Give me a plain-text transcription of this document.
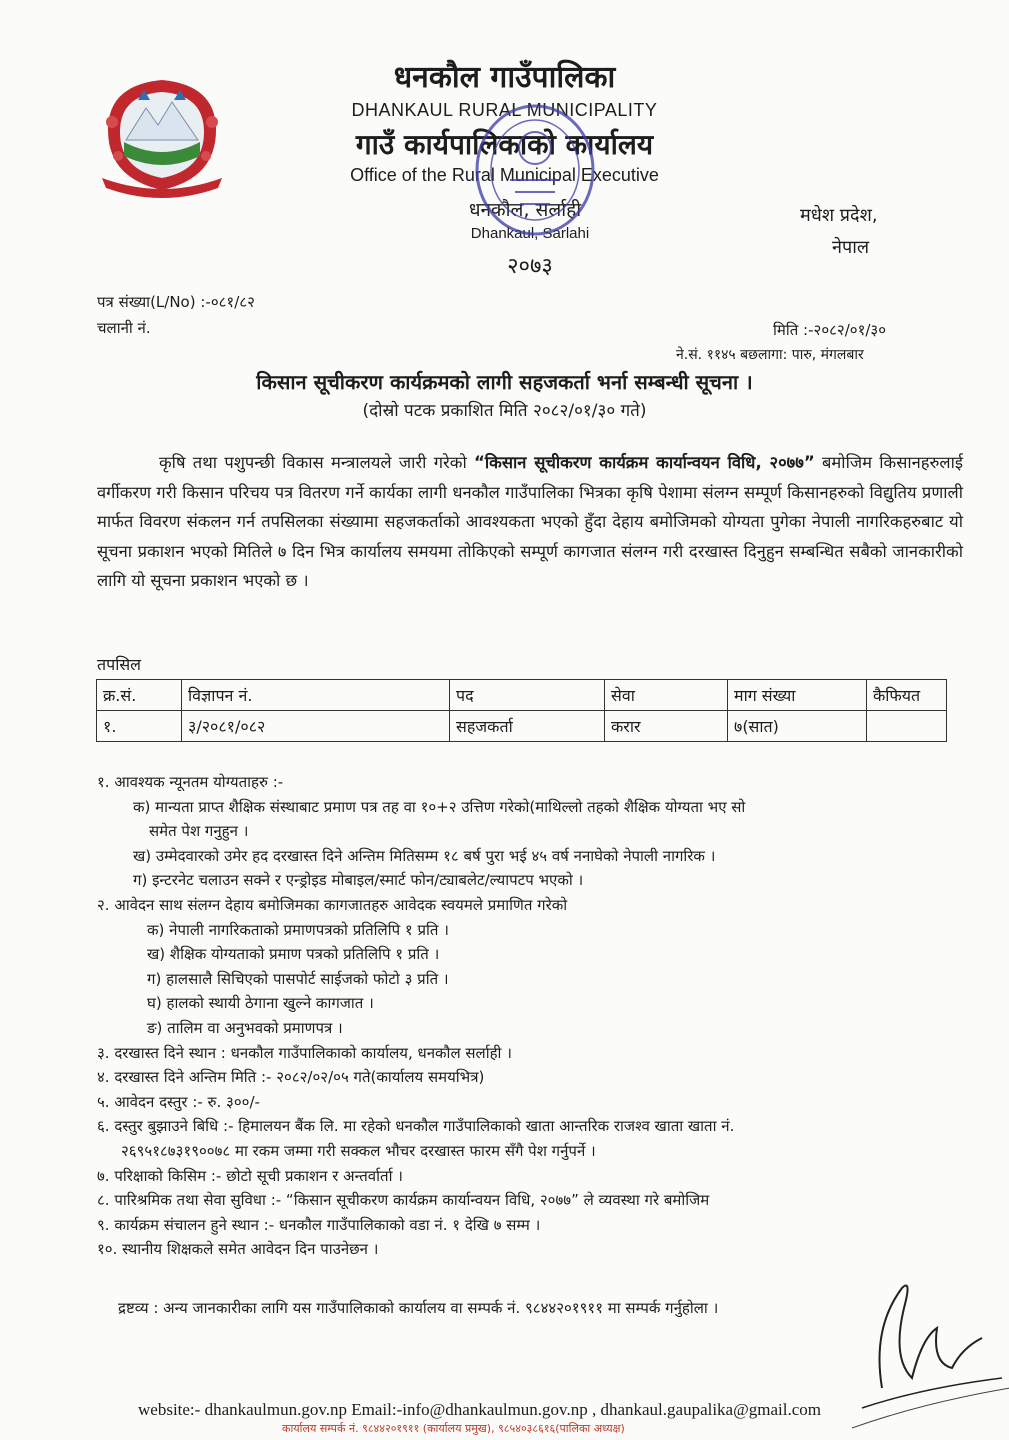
धनकौल गाउँपालिका
DHANKAUL RURAL MUNICIPALITY
गाउँ कार्यपालिकाको कार्यालय
Office of the Rural Municipal Executive
धनकौल, सर्लाही
Dhankaul, Sarlahi
२०७३
मधेश प्रदेश,
नेपाल
पत्र संख्या(L/No) :-०८१/८२
चलानी नं.	मिति :-२०८२/०१/३०
ने.सं. ११४५ बछलागा: पारु, मंगलबार
किसान सूचीकरण कार्यक्रमको लागी सहजकर्ता भर्ना सम्बन्धी सूचना ।
(दोस्रो पटक प्रकाशित मिति २०८२/०१/३० गते)
कृषि तथा पशुपन्छी विकास मन्त्रालयले जारी गरेको “किसान सूचीकरण कार्यक्रम कार्यान्वयन विधि, २०७७” बमोजिम किसानहरुलाई वर्गीकरण गरी किसान परिचय पत्र वितरण गर्ने कार्यका लागी धनकौल गाउँपालिका भित्रका कृषि पेशामा संलग्न सम्पूर्ण किसानहरुको विद्युतिय प्रणाली मार्फत विवरण संकलन गर्न तपसिलका संख्यामा सहजकर्ताको आवश्यकता भएको हुँदा देहाय बमोजिमको योग्यता पुगेका नेपाली नागरिकहरुबाट यो सूचना प्रकाशन भएको मितिले ७ दिन भित्र कार्यालय समयमा तोकिएको सम्पूर्ण कागजात संलग्न गरी दरखास्त दिनुहुन सम्बन्धित सबैको जानकारीको लागि यो सूचना प्रकाशन भएको छ ।
तपसिल
क्र.सं.	विज्ञापन नं.	पद	सेवा	माग संख्या	कैफियत
१.	३/२०८१/०८२	सहजकर्ता	करार	७(सात)	
१. आवश्यक न्यूनतम योग्यताहरु :-
क) मान्यता प्राप्त शैक्षिक संस्थाबाट प्रमाण पत्र तह वा १०+२ उत्तिण गरेको(माथिल्लो तहको शैक्षिक योग्यता भए सो
समेत पेश गनुहुन ।
ख) उम्मेदवारको उमेर हद दरखास्त दिने अन्तिम मितिसम्म १८ बर्ष पुरा भई ४५ वर्ष ननाघेको नेपाली नागरिक ।
ग) इन्टरनेट चलाउन सक्ने र एन्ड्रोइड मोबाइल/स्मार्ट फोन/ट्याबलेट/ल्यापटप भएको ।
२. आवेदन साथ संलग्न देहाय बमोजिमका कागजातहरु आवेदक स्वयमले प्रमाणित गरेको
क) नेपाली नागरिकताको प्रमाणपत्रको प्रतिलिपि १ प्रति ।
ख) शैक्षिक योग्यताको प्रमाण पत्रको प्रतिलिपि १ प्रति ।
ग) हालसालै सिचिएको पासपोर्ट साईजको फोटो ३ प्रति ।
घ) हालको स्थायी ठेगाना खुल्ने कागजात ।
ङ) तालिम वा अनुभवको प्रमाणपत्र ।
३. दरखास्त दिने स्थान : धनकौल गाउँपालिकाको कार्यालय, धनकौल सर्लाही ।
४. दरखास्त दिने अन्तिम मिति :- २०८२/०२/०५ गते(कार्यालय समयभित्र)
५. आवेदन दस्तुर :- रु. ३००/-
६. दस्तुर बुझाउने बिधि :- हिमालयन बैंक लि. मा रहेको धनकौल गाउँपालिकाको खाता आन्तरिक राजश्व खाता खाता नं.
२६९५१८७३१९००७८ मा रकम जम्मा गरी सक्कल भौचर दरखास्त फारम सँगै पेश गर्नुपर्ने ।
७. परिक्षाको किसिम :- छोटो सूची प्रकाशन र अन्तर्वार्ता ।
८. पारिश्रमिक तथा सेवा सुविधा :- “किसान सूचीकरण कार्यक्रम कार्यान्वयन विधि, २०७७” ले व्यवस्था गरे बमोजिम
९. कार्यक्रम संचालन हुने स्थान :- धनकौल गाउँपालिकाको वडा नं. १ देखि ७ सम्म ।
१०. स्थानीय शिक्षकले समेत आवेदन दिन पाउनेछन ।
द्रष्टव्य : अन्य जानकारीका लागि यस गाउँपालिकाको कार्यालय वा सम्पर्क नं. ९८४४२०१९११ मा सम्पर्क गर्नुहोला ।
website:- dhankaulmun.gov.np Email:-info@dhankaulmun.gov.np , dhankaul.gaupalika@gmail.com
कार्यालय सम्पर्क नं. ९८४४२०१९११ (कार्यालय प्रमुख), ९८५४०३८६१६(पालिका अध्यक्ष)
